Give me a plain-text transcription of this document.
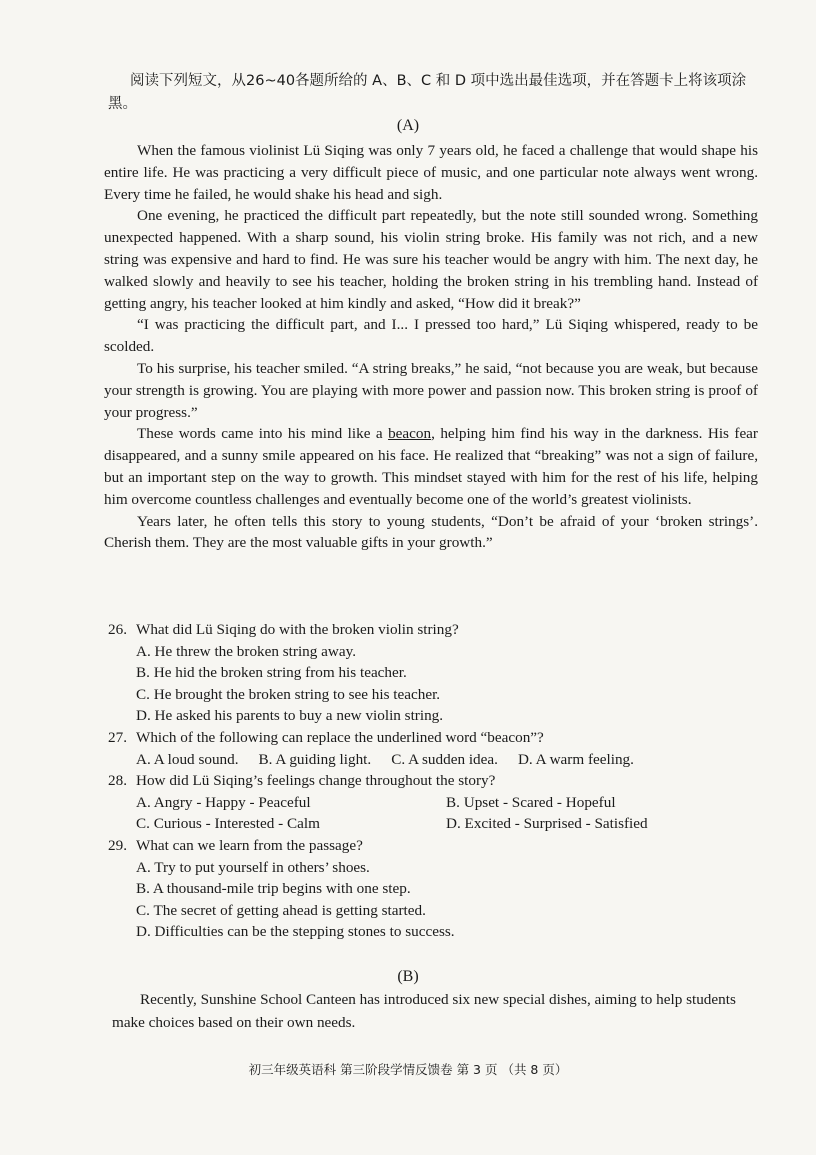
阅读下列短文，从26~40各题所给的 A、B、C 和 D 项中选出最佳选项，并在答题卡上将该项涂黑。

(A)

When the famous violinist Lü Siqing was only 7 years old, he faced a challenge that would shape his entire life. He was practicing a very difficult piece of music, and one particular note always went wrong. Every time he failed, he would shake his head and sigh.

One evening, he practiced the difficult part repeatedly, but the note still sounded wrong. Something unexpected happened. With a sharp sound, his violin string broke. His family was not rich, and a new string was expensive and hard to find. He was sure his teacher would be angry with him. The next day, he walked slowly and heavily to see his teacher, holding the broken string in his trembling hand. Instead of getting angry, his teacher looked at him kindly and asked, “How did it break?”

“I was practicing the difficult part, and I... I pressed too hard,” Lü Siqing whispered, ready to be scolded.

To his surprise, his teacher smiled. “A string breaks,” he said, “not because you are weak, but because your strength is growing. You are playing with more power and passion now. This broken string is proof of your progress.”

These words came into his mind like a beacon, helping him find his way in the darkness. His fear disappeared, and a sunny smile appeared on his face. He realized that “breaking” was not a sign of failure, but an important step on the way to growth. This mindset stayed with him for the rest of his life, helping him overcome countless challenges and eventually become one of the world’s greatest violinists.

Years later, he often tells this story to young students, “Don’t be afraid of your ‘broken strings’. Cherish them. They are the most valuable gifts in your growth.”

26. What did Lü Siqing do with the broken violin string?
A. He threw the broken string away.
B. He hid the broken string from his teacher.
C. He brought the broken string to see his teacher.
D. He asked his parents to buy a new violin string.
27. Which of the following can replace the underlined word “beacon”?
A. A loud sound. B. A guiding light. C. A sudden idea. D. A warm feeling.
28. How did Lü Siqing’s feelings change throughout the story?
A. Angry - Happy - Peaceful	B. Upset - Scared - Hopeful
C. Curious - Interested - Calm	D. Excited - Surprised - Satisfied
29. What can we learn from the passage?
A. Try to put yourself in others’ shoes.
B. A thousand-mile trip begins with one step.
C. The secret of getting ahead is getting started.
D. Difficulties can be the stepping stones to success.

(B)

Recently, Sunshine School Canteen has introduced six new special dishes, aiming to help students make choices based on their own needs.

初三年级英语科 第三阶段学情反馈卷 第 3 页 （共 8 页）
